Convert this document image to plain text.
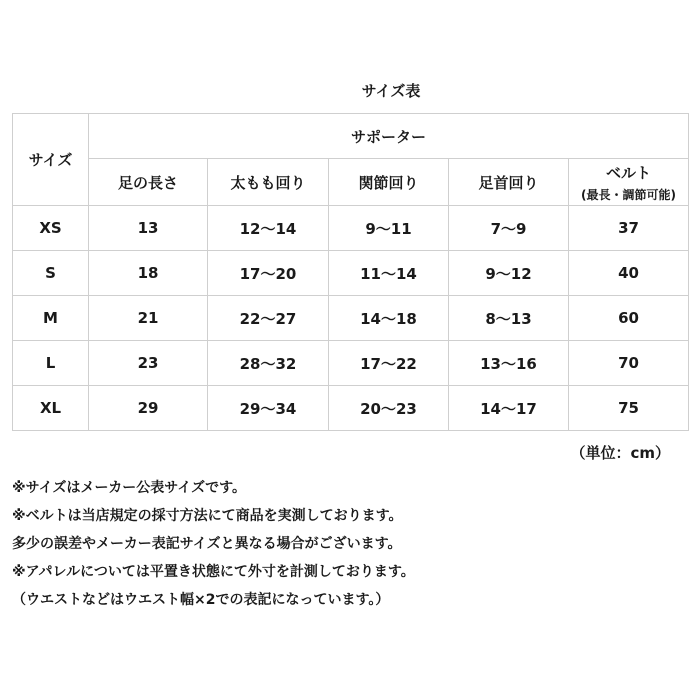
サイズ表
サイズ	サポーター				
	足の長さ	太もも回り	関節回り	足首回り	ベルト
(最長・調節可能)

XS	13	12～14	9～11	7～9	37
S	18	17～20	11～14	9～12	40
M	21	22～27	14～18	8～13	60
L	23	28～32	17～22	13～16	70
XL	29	29～34	20～23	14～17	75
（単位：cm）
※サイズはメーカー公表サイズです。
※ベルトは当店規定の採寸方法にて商品を実測しております。
多少の誤差やメーカー表記サイズと異なる場合がございます。
※アパレルについては平置き状態にて外寸を計測しております。
（ウエストなどはウエスト幅×2での表記になっています。）
